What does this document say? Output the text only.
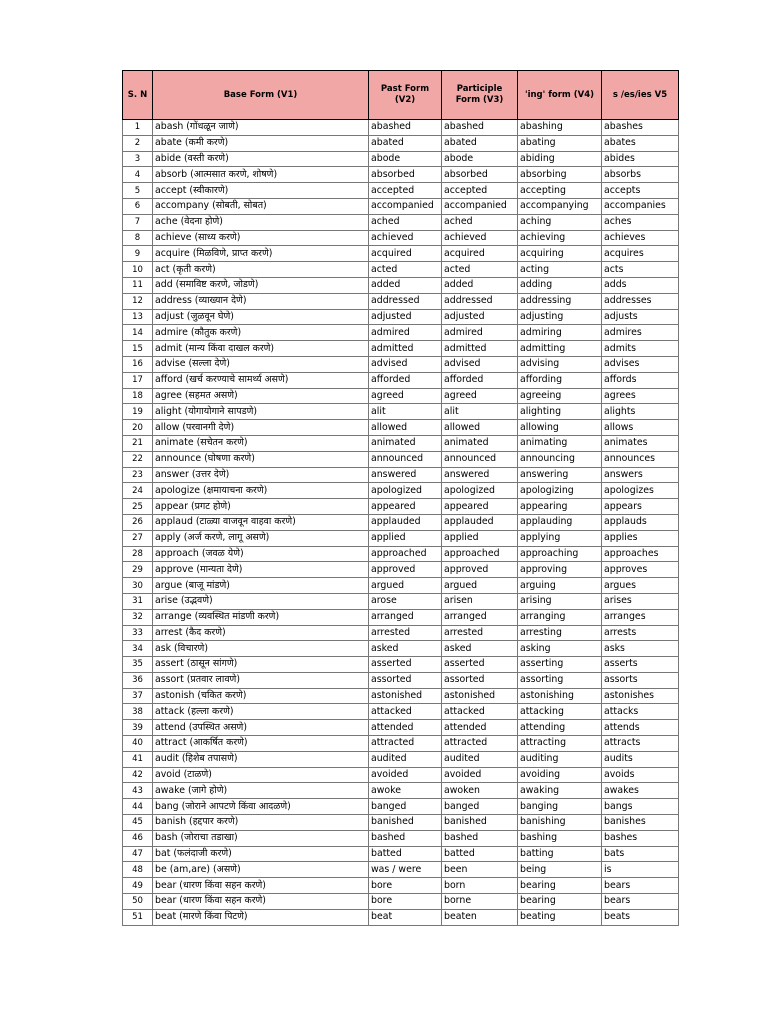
S. N	Base Form (V1)	Past Form (V2)	Participle Form (V3)	'ing' form (V4)	s /es/ies V5
1	abash (गोंधळून जाणे)	abashed	abashed	abashing	abashes
2	abate (कमी करणे)	abated	abated	abating	abates
3	abide (वस्ती करणे)	abode	abode	abiding	abides
4	absorb (आत्मसात करणे, शोषणे)	absorbed	absorbed	absorbing	absorbs
5	accept (स्वीकारणे)	accepted	accepted	accepting	accepts
6	accompany (सोबती, सोबत)	accompanied	accompanied	accompanying	accompanies
7	ache (वेदना होणे)	ached	ached	aching	aches
8	achieve (साध्य करणे)	achieved	achieved	achieving	achieves
9	acquire (मिळविणे, प्राप्त करणे)	acquired	acquired	acquiring	acquires
10	act (कृती करणे)	acted	acted	acting	acts
11	add (समाविष्ट करणे, जोडणे)	added	added	adding	adds
12	address (व्याख्यान देणे)	addressed	addressed	addressing	addresses
13	adjust (जुळवून घेणे)	adjusted	adjusted	adjusting	adjusts
14	admire (कौतुक करणे)	admired	admired	admiring	admires
15	admit (मान्य किंवा दाखल करणे)	admitted	admitted	admitting	admits
16	advise (सल्ला देणे)	advised	advised	advising	advises
17	afford (खर्च करण्याचे सामर्थ्य असणे)	afforded	afforded	affording	affords
18	agree (सहमत असणे)	agreed	agreed	agreeing	agrees
19	alight (योगायोगाने सापडणे)	alit	alit	alighting	alights
20	allow (परवानगी देणे)	allowed	allowed	allowing	allows
21	animate (सचेतन करणे)	animated	animated	animating	animates
22	announce (घोषणा करणे)	announced	announced	announcing	announces
23	answer (उत्तर देणे)	answered	answered	answering	answers
24	apologize (क्षमायाचना करणे)	apologized	apologized	apologizing	apologizes
25	appear (प्रगट होणे)	appeared	appeared	appearing	appears
26	applaud (टाळ्या वाजवून वाहवा करणे)	applauded	applauded	applauding	applauds
27	apply (अर्ज करणे, लागू असणे)	applied	applied	applying	applies
28	approach (जवळ येणे)	approached	approached	approaching	approaches
29	approve (मान्यता देणे)	approved	approved	approving	approves
30	argue (बाजू मांडणे)	argued	argued	arguing	argues
31	arise (उद्भवणे)	arose	arisen	arising	arises
32	arrange (व्यवस्थित मांडणी करणे)	arranged	arranged	arranging	arranges
33	arrest (कैद करणे)	arrested	arrested	arresting	arrests
34	ask (विचारणे)	asked	asked	asking	asks
35	assert (ठासून सांगणे)	asserted	asserted	asserting	asserts
36	assort (प्रतवार लावणे)	assorted	assorted	assorting	assorts
37	astonish (चकित करणे)	astonished	astonished	astonishing	astonishes
38	attack (हल्ला करणे)	attacked	attacked	attacking	attacks
39	attend (उपस्थित असणे)	attended	attended	attending	attends
40	attract (आकर्षित करणे)	attracted	attracted	attracting	attracts
41	audit (हिशेब तपासणे)	audited	audited	auditing	audits
42	avoid (टाळणे)	avoided	avoided	avoiding	avoids
43	awake (जागे होणे)	awoke	awoken	awaking	awakes
44	bang (जोराने आपटणे किंवा आदळणे)	banged	banged	banging	bangs
45	banish (हद्दपार करणे)	banished	banished	banishing	banishes
46	bash (जोराचा तडाखा)	bashed	bashed	bashing	bashes
47	bat (फलंदाजी करणे)	batted	batted	batting	bats
48	be (am,are) (असणे)	was / were	been	being	is
49	bear (धारण किंवा सहन करणे)	bore	born	bearing	bears
50	bear (धारण किंवा सहन करणे)	bore	borne	bearing	bears
51	beat (मारणे किंवा पिटणे)	beat	beaten	beating	beats
